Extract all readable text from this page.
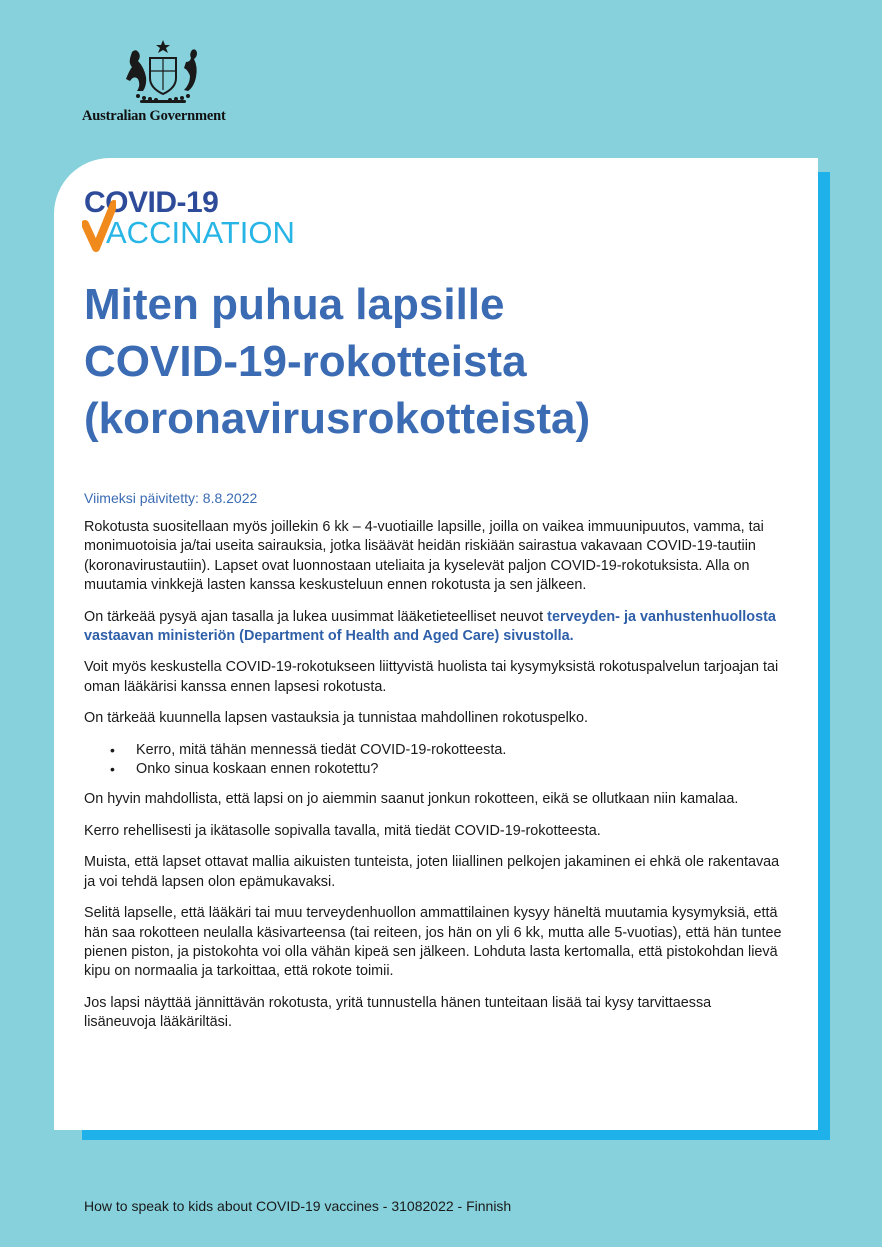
Australian Government
COVID-19
ACCINATION
Miten puhua lapsille
COVID-19-rokotteista
(koronavirusrokotteista)
Viimeksi päivitetty: 8.8.2022

Rokotusta suositellaan myös joillekin 6 kk – 4-vuotiaille lapsille, joilla on vaikea immuunipuutos, vamma, tai monimuotoisia ja/tai useita sairauksia, jotka lisäävät heidän riskiään sairastua vakavaan COVID-19-tautiin (koronavirustautiin). Lapset ovat luonnostaan uteliaita ja kyselevät paljon COVID-19-rokotuksista. Alla on muutamia vinkkejä lasten kanssa keskusteluun ennen rokotusta ja sen jälkeen.

On tärkeää pysyä ajan tasalla ja lukea uusimmat lääketieteelliset neuvot terveyden- ja vanhustenhuollosta vastaavan ministeriön (Department of Health and Aged Care) sivustolla.

Voit myös keskustella COVID-19-rokotukseen liittyvistä huolista tai kysymyksistä rokotuspalvelun tarjoajan tai oman lääkärisi kanssa ennen lapsesi rokotusta.

On tärkeää kuunnella lapsen vastauksia ja tunnistaa mahdollinen rokotuspelko.

• Kerro, mitä tähän mennessä tiedät COVID-19-rokotteesta.
• Onko sinua koskaan ennen rokotettu?

On hyvin mahdollista, että lapsi on jo aiemmin saanut jonkun rokotteen, eikä se ollutkaan niin kamalaa.

Kerro rehellisesti ja ikätasolle sopivalla tavalla, mitä tiedät COVID-19-rokotteesta.

Muista, että lapset ottavat mallia aikuisten tunteista, joten liiallinen pelkojen jakaminen ei ehkä ole rakentavaa ja voi tehdä lapsen olon epämukavaksi.

Selitä lapselle, että lääkäri tai muu terveydenhuollon ammattilainen kysyy häneltä muutamia kysymyksiä, että hän saa rokotteen neulalla käsivarteensa (tai reiteen, jos hän on yli 6 kk, mutta alle 5-vuotias), että hän tuntee pienen piston, ja pistokohta voi olla vähän kipeä sen jälkeen. Lohduta lasta kertomalla, että pistokohdan lievä kipu on normaalia ja tarkoittaa, että rokote toimii.

Jos lapsi näyttää jännittävän rokotusta, yritä tunnustella hänen tunteitaan lisää tai kysy tarvittaessa lisäneuvoja lääkäriltäsi.

How to speak to kids about COVID-19 vaccines - 31082022 - Finnish
